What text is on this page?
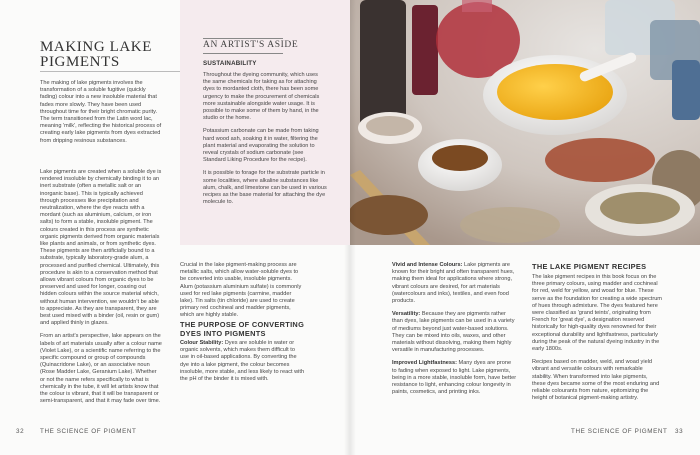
MAKING LAKE PIGMENTS
The making of lake pigments involves the transformation of a soluble fugitive (quickly fading) colour into a new insoluble material that fades more slowly. They have been used throughout time for their bright chromatic purity. The term transitioned from the Latin word lac, meaning 'milk', reflecting the historical process of creating early lake pigments from dyes extracted from dripping resinous substances.

Lake pigments are created when a soluble dye is rendered insoluble by chemically binding it to an inert substrate (often a metallic salt or an inorganic base). This is typically achieved through processes like precipitation and neutralization, where the dye reacts with a mordant (such as aluminium, calcium, or iron salts) to form a stable, insoluble pigment. The colours created in this process are synthetic organic pigments derived from organic materials like plants and animals, or from synthetic dyes. These pigments are then artificially bound to a substrate, typically laboratory-grade alum, a processed and purified chemical. Ultimately, this procedure is akin to a conservation method that allows vibrant colours from organic dyes to be preserved and used for longer, coaxing out hidden colours within the source material which, without human intervention, we wouldn't be able to appreciate. As they are transparent, they are best used mixed with a binder (oil, resin or gum) and applied thinly in glazes.

From an artist's perspective, lake appears on the labels of art materials usually after a colour name (Violet Lake), or a scientific name referring to the specific compound or group of compounds (Quinacridone Lake), or an associative noun (Rose Madder Lake, Geranium Lake). Whether or not the name refers specifically to what is chemically in the tube, it will let artists know that the colour is vibrant, that it will be transparent or semi-transparent, and that it may fade over time.

AN ARTIST'S ASIDE
SUSTAINABILITY

Throughout the dyeing community, which uses the same chemicals for taking as for attaching dyes to mordanted cloth, there has been some urgency to make the procurement of chemicals more sustainable alongside water usage. It is possible to make some of them by hand, in the studio or the home.

Potassium carbonate can be made from taking hard wood ash, soaking it in water, filtering the plant material and evaporating the solution to reveal crystals of sodium carbonate (see Standard Liking Procedure for the recipe).

It is possible to forage for the substrate particle in some localities, where alkaline substances like alum, chalk, and limestone can be used in various recipes as the base material for attaching the dye molecule to.

Crucial in the lake pigment-making process are metallic salts, which allow water-soluble dyes to be converted into usable, insoluble pigments. Alum (potassium aluminium sulfate) is commonly used for red lake pigments (carmine, madder lake). Tin salts (tin chloride) are used to create primary red cochineal and madder pigments, which are highly stable.
THE PURPOSE OF CONVERTING DYES INTO PIGMENTS
Colour Stability: Dyes are soluble in water or organic solvents, which makes them difficult to use in oil-based applications. By converting the dye into a lake pigment, the colour becomes insoluble, more stable, and less likely to react with the pH of the binder it is mixed with.

Vivid and Intense Colours: Lake pigments are known for their bright and often transparent hues, making them ideal for applications where strong, vibrant colours are desired, for art materials (watercolours and inks), textiles, and even food products.

Versatility: Because they are pigments rather than dyes, lake pigments can be used in a variety of mediums beyond just water-based solutions. They can be mixed into oils, waxes, and other materials without dissolving, making them highly versatile in manufacturing processes.

Improved Lightfastness: Many dyes are prone to fading when exposed to light. Lake pigments, being in a more stable, insoluble form, have better resistance to light, enhancing colour longevity in paints, cosmetics, and printing inks.

THE LAKE PIGMENT RECIPES

The lake pigment recipes in this book focus on the three primary colours, using madder and cochineal for red, weld for yellow, and woad for blue. These serve as the foundation for creating a wide spectrum of hues through admixture. The dyes featured here were classified as 'grand teints', originating from French for 'great dye', a designation reserved historically for high-quality dyes renowned for their exceptional durability and lightfastness, particularly during the peak of the natural dyeing industry in the early 1800s.

Recipes based on madder, weld, and woad yield vibrant and versatile colours with remarkable stability. When transformed into lake pigments, these dyes became some of the most enduring and reliable colourants from nature, epitomizing the height of botanical pigment-making artistry.

32	THE SCIENCE OF PIGMENT	THE SCIENCE OF PIGMENT 33
